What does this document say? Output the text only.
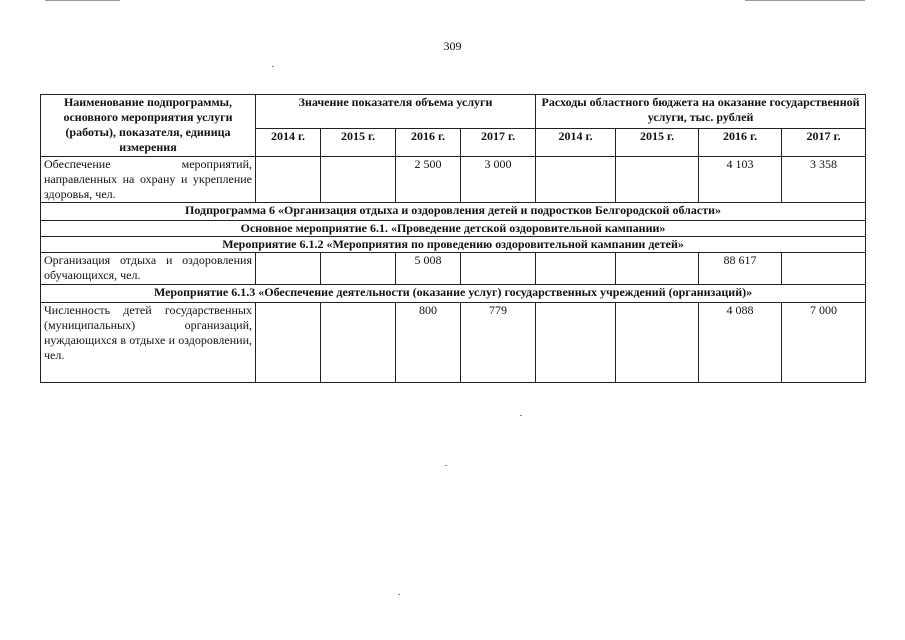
309
Наименование подпрограммы, основного мероприятия услуги (работы), показателя, единица измерения	Значение показателя объема услуги				Расходы областного бюджета на оказание государственной услуги, тыс. рублей			
	2014 г.	2015 г.	2016 г.	2017 г.	2014 г.	2015 г.	2016 г.	2017 г.
Обеспечение мероприятий, направленных на охрану и укрепление здоровья, чел.			2 500	3 000			4 103	3 358
Подпрограмма 6 «Организация отдыха и оздоровления детей и подростков Белгородской области»								
Основное мероприятие 6.1. «Проведение детской оздоровительной кампании»								
Мероприятие 6.1.2 «Мероприятия по проведению оздоровительной кампании детей»								
Организация отдыха и оздоровления обучающихся, чел.			5 008				88 617	
Мероприятие 6.1.3 «Обеспечение деятельности (оказание услуг) государственных учреждений (организаций)»								
Численность детей государственных (муниципальных) организаций, нуждающихся в отдыхе и оздоровлении, чел.			800	779			4 088	7 000
